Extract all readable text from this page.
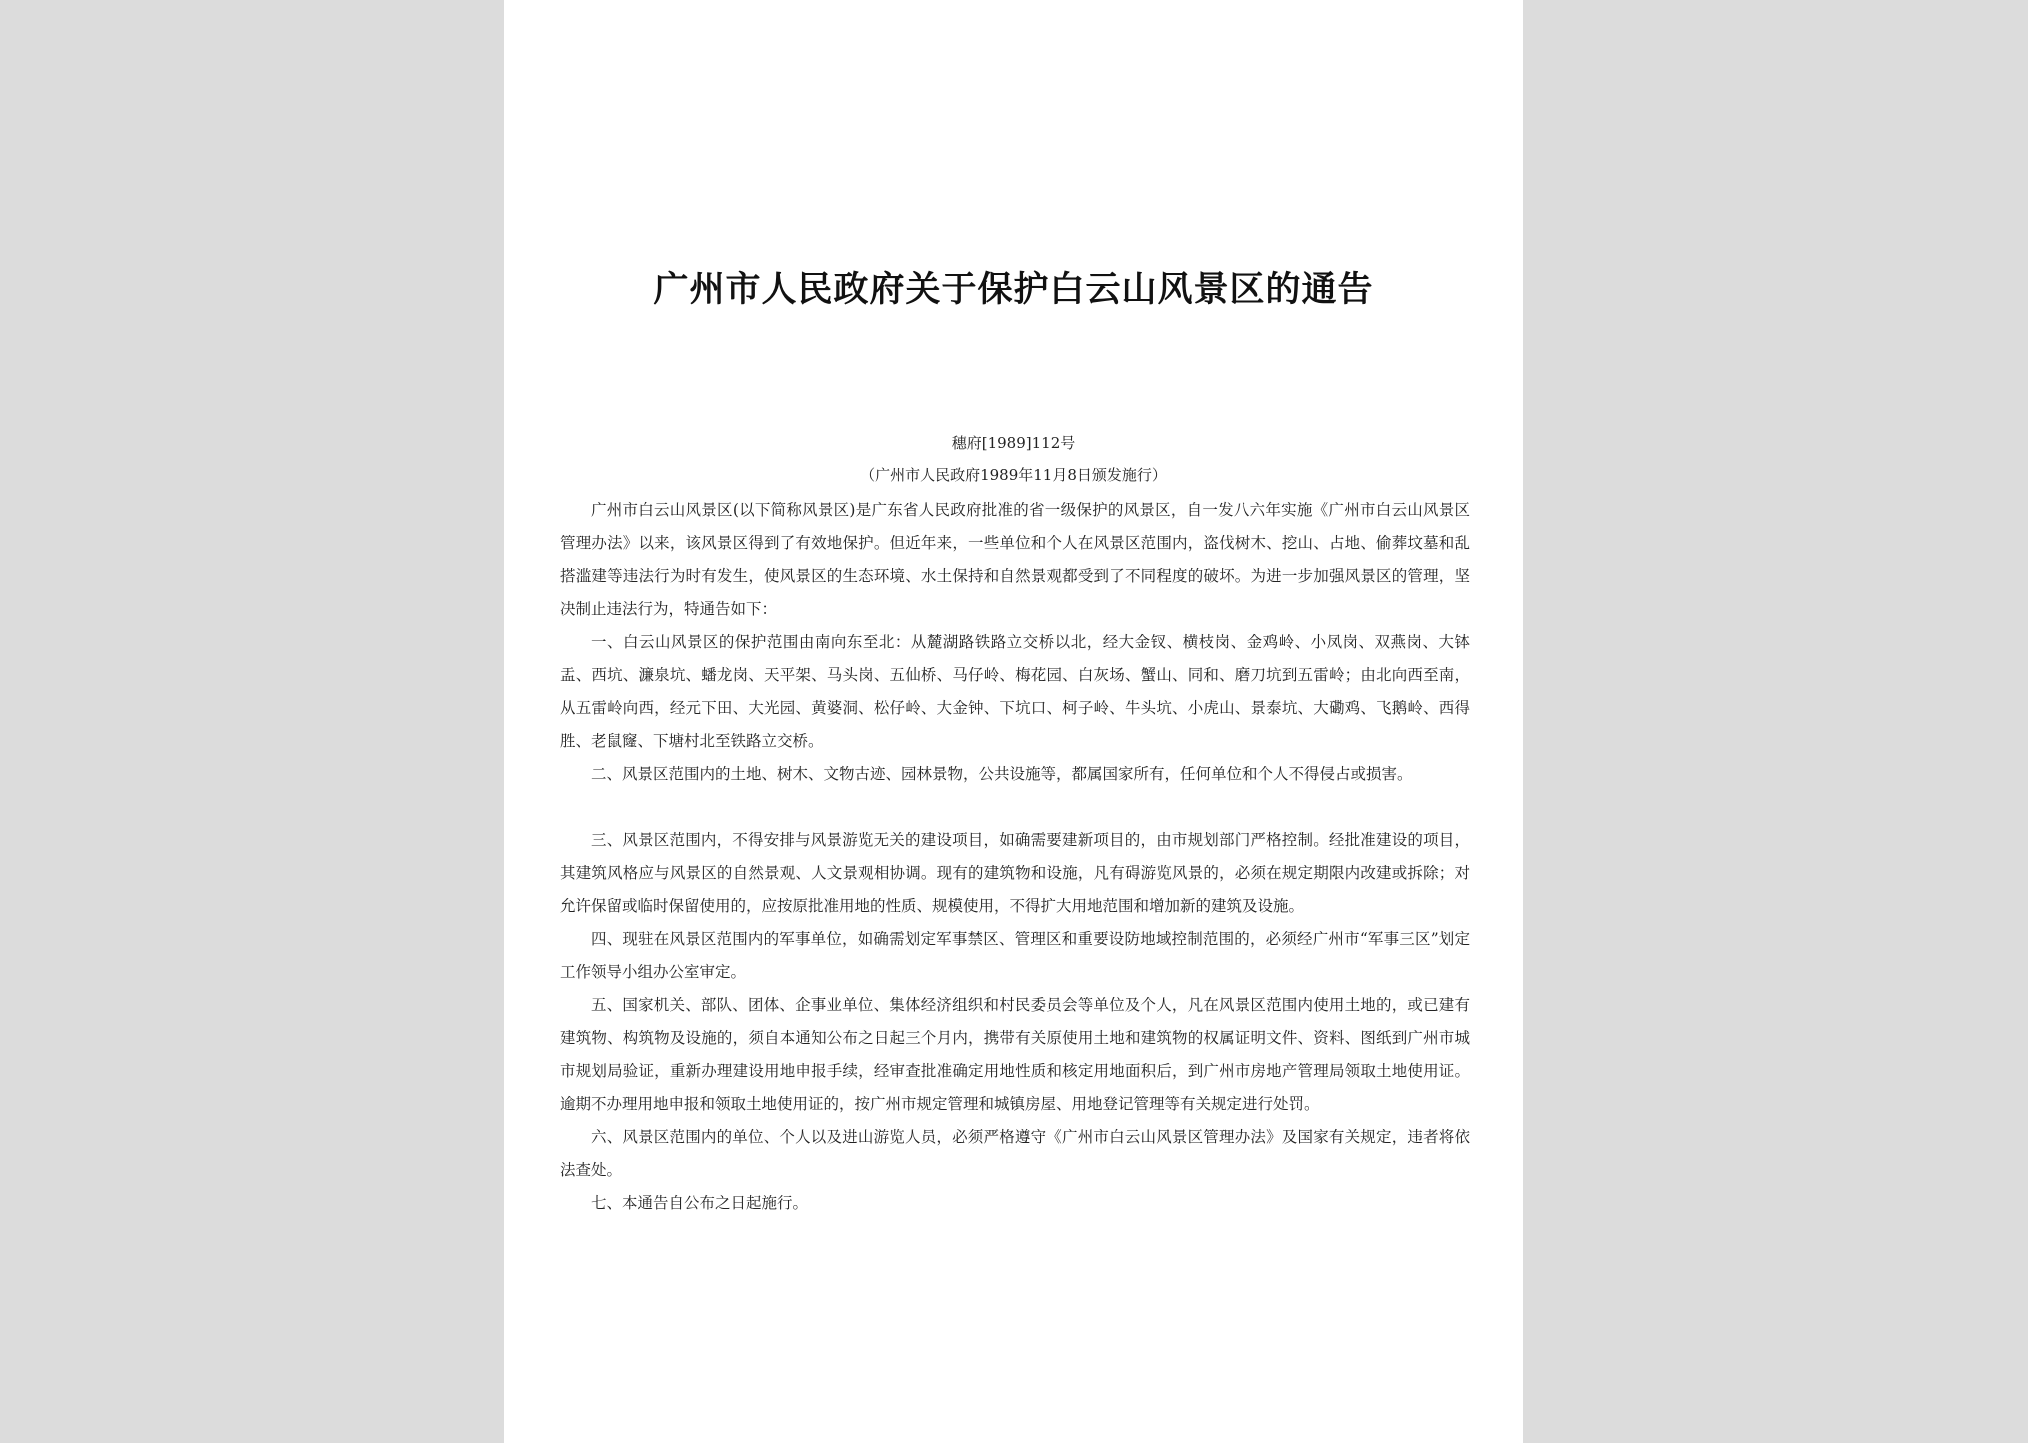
广州市人民政府关于保护白云山风景区的通告
穗府[1989]112号
（广州市人民政府1989年11月8日颁发施行）

广州市白云山风景区(以下简称风景区)是广东省人民政府批准的省一级保护的风景区，自一发八六年实施《广州市白云山风景区管理办法》以来，该风景区得到了有效地保护。但近年来，一些单位和个人在风景区范围内，盗伐树木、挖山、占地、偷葬坟墓和乱搭滥建等违法行为时有发生，使风景区的生态环境、水土保持和自然景观都受到了不同程度的破坏。为进一步加强风景区的管理，坚决制止违法行为，特通告如下：

一、白云山风景区的保护范围由南向东至北：从麓湖路铁路立交桥以北，经大金钗、横枝岗、金鸡岭、小凤岗、双燕岗、大钵盂、西坑、濂泉坑、蟠龙岗、天平架、马头岗、五仙桥、马仔岭、梅花园、白灰场、蟹山、同和、磨刀坑到五雷岭；由北向西至南，从五雷岭向西，经元下田、大光园、黄婆洞、松仔岭、大金钟、下坑口、柯子岭、牛头坑、小虎山、景泰坑、大磡鸡、飞鹅岭、西得胜、老鼠窿、下塘村北至铁路立交桥。

二、风景区范围内的土地、树木、文物古迹、园林景物，公共设施等，都属国家所有，任何单位和个人不得侵占或损害。

三、风景区范围内，不得安排与风景游览无关的建设项目，如确需要建新项目的，由市规划部门严格控制。经批准建设的项目，其建筑风格应与风景区的自然景观、人文景观相协调。现有的建筑物和设施，凡有碍游览风景的，必须在规定期限内改建或拆除；对允许保留或临时保留使用的，应按原批准用地的性质、规模使用，不得扩大用地范围和增加新的建筑及设施。

四、现驻在风景区范围内的军事单位，如确需划定军事禁区、管理区和重要设防地域控制范围的，必须经广州市“军事三区”划定工作领导小组办公室审定。

五、国家机关、部队、团体、企事业单位、集体经济组织和村民委员会等单位及个人，凡在风景区范围内使用土地的，或已建有建筑物、构筑物及设施的，须自本通知公布之日起三个月内，携带有关原使用土地和建筑物的权属证明文件、资料、图纸到广州市城市规划局验证，重新办理建设用地申报手续，经审查批准确定用地性质和核定用地面积后，到广州市房地产管理局领取土地使用证。逾期不办理用地申报和领取土地使用证的，按广州市规定管理和城镇房屋、用地登记管理等有关规定进行处罚。

六、风景区范围内的单位、个人以及进山游览人员，必须严格遵守《广州市白云山风景区管理办法》及国家有关规定，违者将依法查处。

七、本通告自公布之日起施行。
